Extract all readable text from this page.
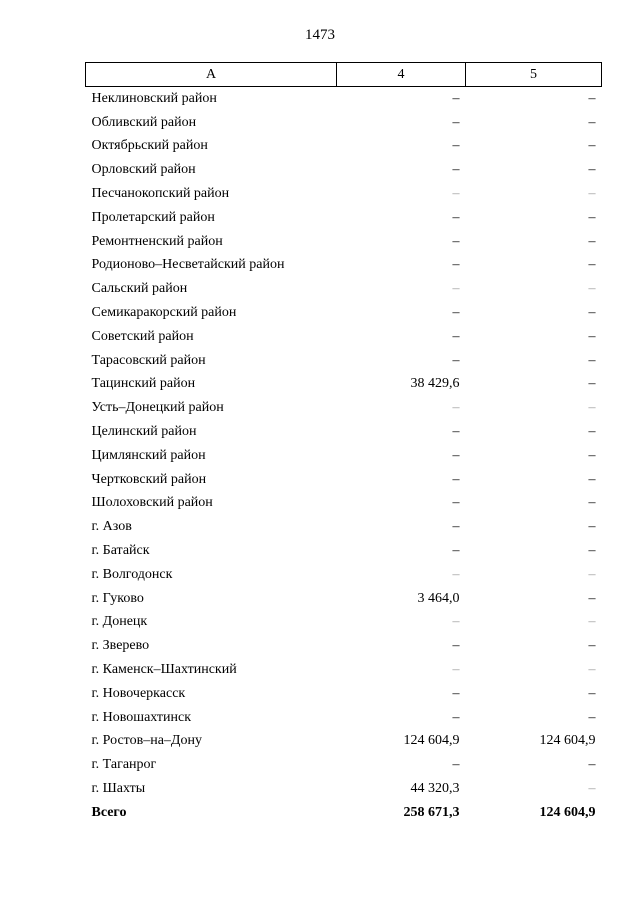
1473
А	4	5
Неклиновский район	–	–
Обливский район	–	–
Октябрьский район	–	–
Орловский район	–	–
Песчанокопский район	–	–
Пролетарский район	–	–
Ремонтненский район	–	–
Родионово–Несветайский район	–	–
Сальский район	–	–
Семикаракорский район	–	–
Советский район	–	–
Тарасовский район	–	–
Тацинский район	38 429,6	–
Усть–Донецкий район	–	–
Целинский район	–	–
Цимлянский район	–	–
Чертковский район	–	–
Шолоховский район	–	–
г. Азов	–	–
г. Батайск	–	–
г. Волгодонск	–	–
г. Гуково	3 464,0	–
г. Донецк	–	–
г. Зверево	–	–
г. Каменск–Шахтинский	–	–
г. Новочеркасск	–	–
г. Новошахтинск	–	–
г. Ростов–на–Дону	124 604,9	124 604,9
г. Таганрог	–	–
г. Шахты	44 320,3	–
Всего	258 671,3	124 604,9
